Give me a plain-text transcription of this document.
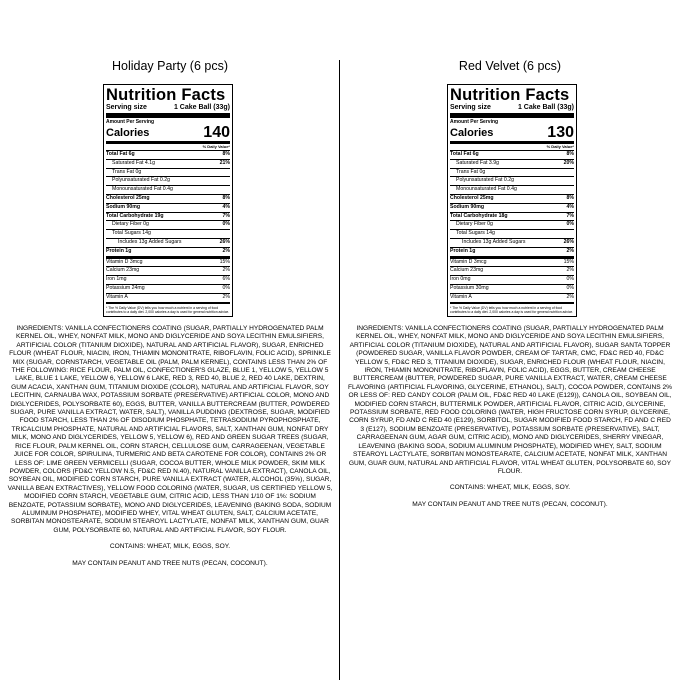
Holiday Party (6 pcs)
Nutrition Facts
Serving size	1 Cake Ball (33g)
Amount Per Serving
Calories	140
% Daily Value*
Total Fat 6g	8%
Saturated Fat 4.1g	21%
Trans Fat 0g
Polyunsaturated Fat 0.2g
Monounsaturated Fat 0.4g
Cholesterol 25mg	8%
Sodium 90mg	4%
Total Carbohydrate 19g	7%
Dietary Fiber 0g	0%
Total Sugars 14g
Includes 13g Added Sugars	26%
Protein 1g	2%
Vitamin D 3mcg	15%
Calcium 23mg	2%
Iron 1mg	6%
Potassium 24mg	0%
Vitamin A	2%
* The % Daily Value (DV) tells you how much a nutrient in a serving of food contributes to a daily diet. 2,000 calories a day is used for general nutrition advice.
INGREDIENTS: VANILLA CONFECTIONERS COATING (SUGAR, PARTIALLY HYDROGENATED PALM KERNEL OIL, WHEY, NONFAT MILK, MONO AND DIGLYCERIDE AND SOYA LECITHIN EMULSIFIERS, ARTIFICIAL COLOR (TITANIUM DIOXIDE), NATURAL AND ARTIFICIAL FLAVOR), SUGAR, ENRICHED FLOUR (WHEAT FLOUR, NIACIN, IRON, THIAMIN MONONITRATE, RIBOFLAVIN, FOLIC ACID), SPRINKLE MIX (SUGAR, CORNSTARCH, VEGETABLE OIL (PALM, PALM KERNEL), CONTAINS LESS THAN 2% OF THE FOLLOWING: RICE FLOUR, PALM OIL, CONFECTIONER'S GLAZE, BLUE 1, YELLOW 5, YELLOW 5 LAKE, BLUE 1 LAKE, YELLOW 6, YELLOW 6 LAKE, RED 3, RED 40, BLUE 2, RED 40 LAKE, DEXTRIN, GUM ACACIA, XANTHAN GUM, TITANIUM DIOXIDE (COLOR), NATURAL AND ARTIFICIAL FLAVOR, SOY LECITHIN, CARNAUBA WAX, POTASSIUM SORBATE (PRESERVATIVE) ARTIFICIAL COLOR, MONO AND DIGLYCERIDES, POLYSORBATE 60), EGGS, BUTTER, VANILLA BUTTERCREAM (BUTTER, POWDERED SUGAR, PURE VANILLA EXTRACT, WATER, SALT), VANILLA PUDDING (DEXTROSE, SUGAR, MODIFIED FOOD STARCH, LESS THAN 2% OF DISODIUM PHOSPHATE, TETRASODIUM PYROPHOSPHATE, TRICALCIUM PHOSPHATE, NATURAL AND ARTIFICIAL FLAVORS, SALT, XANTHAN GUM, NONFAT DRY MILK, MONO AND DIGLYCERIDES, YELLOW 5, YELLOW 6), RED AND GREEN SUGAR TREES (SUGAR, RICE FLOUR, PALM KERNEL OIL, CORN STARCH, CELLULOSE GUM, CARRAGEENAN, VEGETABLE JUICE FOR COLOR, SPIRULINA, TURMERIC AND BETA CAROTENE FOR COLOR), CONTAINS 2% OR LESS OF: LIME GREEN VERMICELLI (SUGAR, COCOA BUTTER, WHOLE MILK POWDER, SKIM MILK POWDER, COLORS (FD&C YELLOW N.5, FD&C RED N.40), NATURAL VANILLA EXTRACT), CANOLA OIL, SOYBEAN OIL, MODIFIED CORN STARCH, PURE VANILLA EXTRACT (WATER, ALCOHOL (35%), SUGAR, VANILLA BEAN EXTRACTIVES), YELLOW FOOD COLORING (WATER, SUGAR, US CERTIFIED YELLOW 5, MODIFIED CORN STARCH, VEGETABLE GUM, CITRIC ACID, LESS THAN 1/10 OF 1%: SODIUM BENZOATE, POTASSIUM SORBATE), MONO AND DIGLYCERIDES, LEAVENING (BAKING SODA, SODIUM ALUMINUM PHOSPHATE), MODIFIED WHEY, VITAL WHEAT GLUTEN, SALT, CALCIUM ACETATE, SORBITAN MONOSTEARATE, SODIUM STEAROYL LACTYLATE, NONFAT MILK, XANTHAN GUM, GUAR GUM, POLYSORBATE 60, NATURAL AND ARTIFICIAL FLAVOR, SOY FLOUR.
CONTAINS: WHEAT, MILK, EGGS, SOY.
MAY CONTAIN PEANUT AND TREE NUTS (PECAN, COCONUT).
Red Velvet (6 pcs)
Nutrition Facts
Serving size	1 Cake Ball (33g)
Amount Per Serving
Calories	130
% Daily Value*
Total Fat 6g	8%
Saturated Fat 3.9g	20%
Trans Fat 0g
Polyunsaturated Fat 0.2g
Monounsaturated Fat 0.4g
Cholesterol 25mg	8%
Sodium 90mg	4%
Total Carbohydrate 18g	7%
Dietary Fiber 0g	0%
Total Sugars 14g
Includes 13g Added Sugars	26%
Protein 1g	2%
Vitamin D 3mcg	15%
Calcium 23mg	2%
Iron 0mg	0%
Potassium 30mg	0%
Vitamin A	2%
* The % Daily Value (DV) tells you how much a nutrient in a serving of food contributes to a daily diet. 2,000 calories a day is used for general nutrition advice.
INGREDIENTS: VANILLA CONFECTIONERS COATING (SUGAR, PARTIALLY HYDROGENATED PALM KERNEL OIL, WHEY, NONFAT MILK, MONO AND DIGLYCERIDE AND SOYA LECITHIN EMULSIFIERS, ARTIFICIAL COLOR (TITANIUM DIOXIDE), NATURAL AND ARTIFICIAL FLAVOR), SUGAR SANTA TOPPER (POWDERED SUGAR, VANILLA FLAVOR POWDER, CREAM OF TARTAR, CMC, FD&C RED 40, FD&C YELLOW 5, FD&C RED 3, TITANIUM DIOXIDE), SUGAR, ENRICHED FLOUR (WHEAT FLOUR, NIACIN, IRON, THIAMIN MONONITRATE, RIBOFLAVIN, FOLIC ACID), EGGS, BUTTER, CREAM CHEESE BUTTERCREAM (BUTTER, POWDERED SUGAR, PURE VANILLA EXTRACT, WATER, CREAM CHEESE FLAVORING (ARTIFICIAL FLAVORING, GLYCERINE, ETHANOL), SALT), COCOA POWDER, CONTAINS 2% OR LESS OF: RED CANDY COLOR (PALM OIL, FD&C RED 40 LAKE (E129)), CANOLA OIL, SOYBEAN OIL, MODIFIED CORN STARCH, BUTTERMILK POWDER, ARTIFICIAL FLAVOR, CITRIC ACID, GLYCERINE, POTASSIUM SORBATE, RED FOOD COLORING (WATER, HIGH FRUCTOSE CORN SYRUP, GLYCERINE, CORN SYRUP, FD AND C RED 40 (E129), SORBITOL, SUGAR MODIFIED FOOD STARCH, FD AND C RED 3 (E127), SODIUM BENZOATE (PRESERVATIVE), POTASSIUM SORBATE (PRESERVATIVE), SALT, CARRAGEENAN GUM, AGAR GUM, CITRIC ACID), MONO AND DIGLYCERIDES, SHERRY VINEGAR, LEAVENING (BAKING SODA, SODIUM ALUMINUM PHOSPHATE), MODIFIED WHEY, SALT, SODIUM STEAROYL LACTYLATE, SORBITAN MONOSTEARATE, CALCIUM ACETATE, NONFAT MILK, XANTHAN GUM, GUAR GUM, NATURAL AND ARTIFICIAL FLAVOR, VITAL WHEAT GLUTEN, POLYSORBATE 60, SOY FLOUR.
CONTAINS: WHEAT, MILK, EGGS, SOY.
MAY CONTAIN PEANUT AND TREE NUTS (PECAN, COCONUT).
